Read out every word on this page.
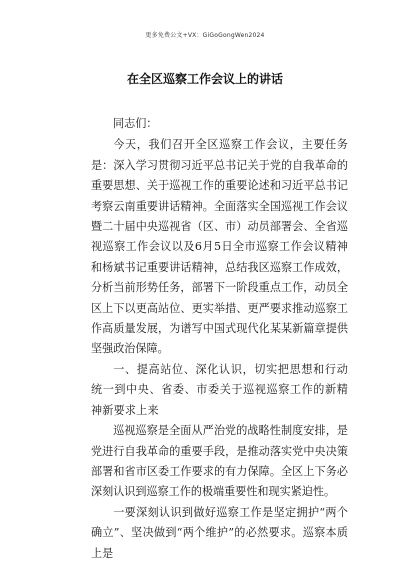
更多免费公文+VX：GiGoGongWen2024
在全区巡察工作会议上的讲话

同志们：

今天，我们召开全区巡察工作会议，主要任务是：深入学习贯彻习近平总书记关于党的自我革命的重要思想、关于巡视工作的重要论述和习近平总书记考察云南重要讲话精神。全面落实全国巡视工作会议暨二十届中央巡视省（区、市）动员部署会、全省巡视巡察工作会议以及6月5日全市巡察工作会议精神和杨斌书记重要讲话精神，总结我区巡察工作成效，分析当前形势任务，部署下一阶段重点工作，动员全区上下以更高站位、更实举措、更严要求推动巡察工作高质量发展，为谱写中国式现代化某某新篇章提供坚强政治保障。

一、提高站位、深化认识，切实把思想和行动统一到中央、省委、市委关于巡视巡察工作的新精神新要求上来

巡视巡察是全面从严治党的战略性制度安排，是党进行自我革命的重要手段，是推动落实党中央决策部署和省市区委工作要求的有力保障。全区上下务必深刻认识到巡察工作的极端重要性和现实紧迫性。

一要深刻认识到做好巡察工作是坚定拥护“两个确立”、坚决做到“两个维护”的必然要求。巡察本质上是
